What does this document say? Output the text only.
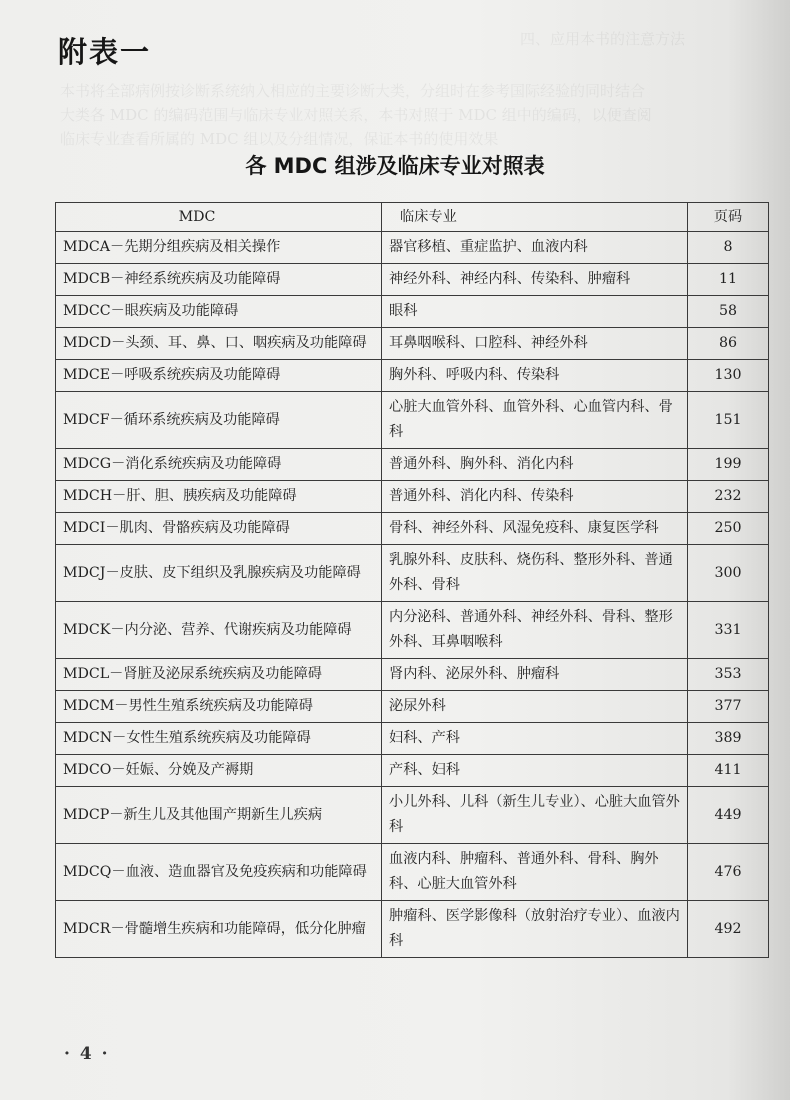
四、应用本书的注意方法
本书将全部病例按诊断系统纳入相应的主要诊断大类，分组时在参考国际经验的同时结合
大类各 MDC 的编码范围与临床专业对照关系，本书对照于 MDC 组中的编码，以便查阅
临床专业查看所属的 MDC 组以及分组情况，保证本书的使用效果
附表一
各 MDC 组涉及临床专业对照表
MDC	临床专业	页码
MDCA－先期分组疾病及相关操作	器官移植、重症监护、血液内科	8
MDCB－神经系统疾病及功能障碍	神经外科、神经内科、传染科、肿瘤科	11
MDCC－眼疾病及功能障碍	眼科	58
MDCD－头颈、耳、鼻、口、咽疾病及功能障碍	耳鼻咽喉科、口腔科、神经外科	86
MDCE－呼吸系统疾病及功能障碍	胸外科、呼吸内科、传染科	130
MDCF－循环系统疾病及功能障碍	心脏大血管外科、血管外科、心血管内科、骨科	151
MDCG－消化系统疾病及功能障碍	普通外科、胸外科、消化内科	199
MDCH－肝、胆、胰疾病及功能障碍	普通外科、消化内科、传染科	232
MDCI－肌肉、骨骼疾病及功能障碍	骨科、神经外科、风湿免疫科、康复医学科	250
MDCJ－皮肤、皮下组织及乳腺疾病及功能障碍	乳腺外科、皮肤科、烧伤科、整形外科、普通外科、骨科	300
MDCK－内分泌、营养、代谢疾病及功能障碍	内分泌科、普通外科、神经外科、骨科、整形外科、耳鼻咽喉科	331
MDCL－肾脏及泌尿系统疾病及功能障碍	肾内科、泌尿外科、肿瘤科	353
MDCM－男性生殖系统疾病及功能障碍	泌尿外科	377
MDCN－女性生殖系统疾病及功能障碍	妇科、产科	389
MDCO－妊娠、分娩及产褥期	产科、妇科	411
MDCP－新生儿及其他围产期新生儿疾病	小儿外科、儿科（新生儿专业）、心脏大血管外科	449
MDCQ－血液、造血器官及免疫疾病和功能障碍	血液内科、肿瘤科、普通外科、骨科、胸外科、心脏大血管外科	476
MDCR－骨髓增生疾病和功能障碍，低分化肿瘤	肿瘤科、医学影像科（放射治疗专业）、血液内科	492
· 4 ·
